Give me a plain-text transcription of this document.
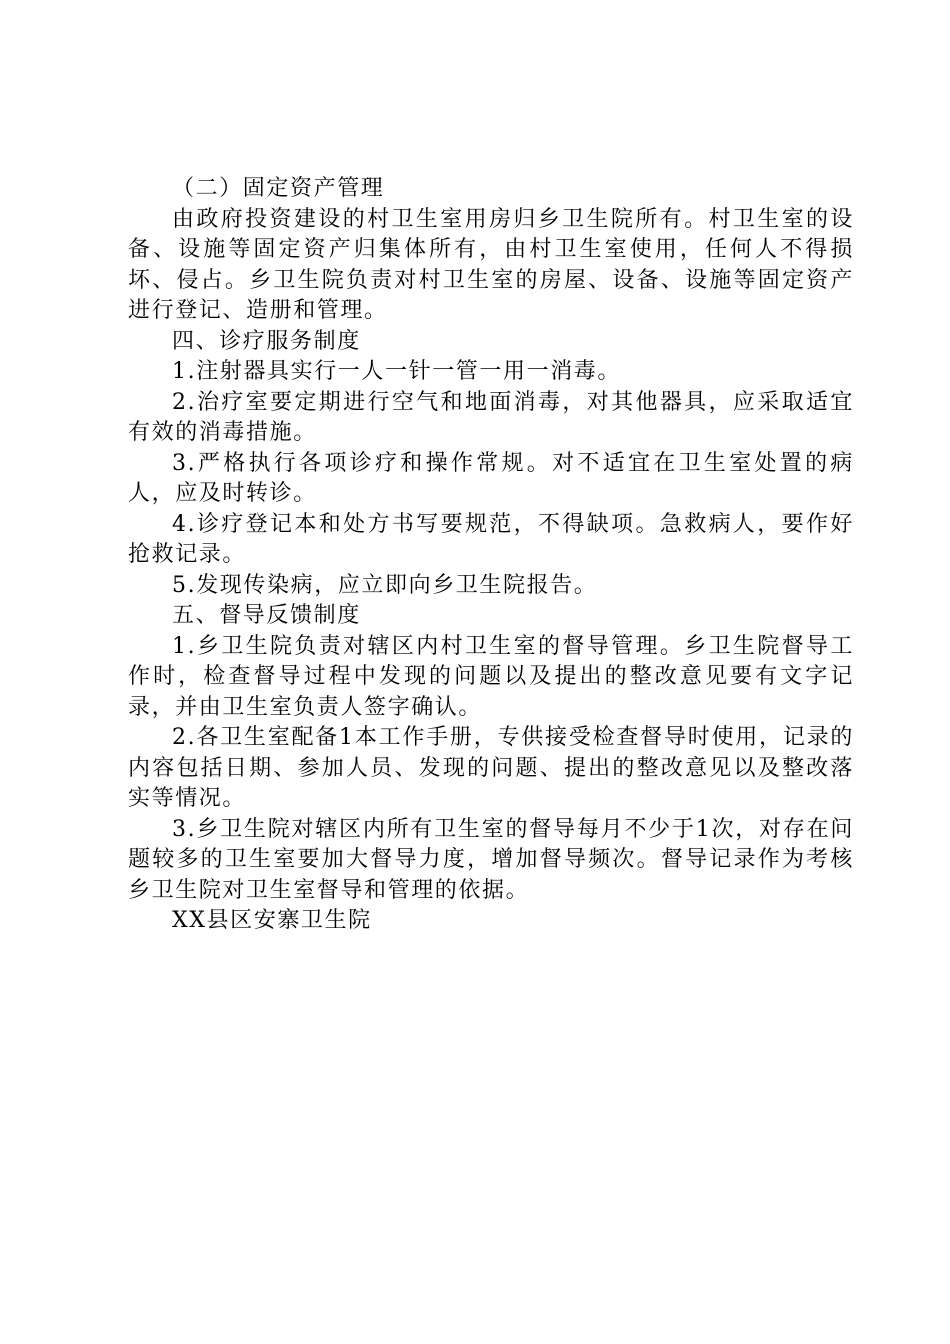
（二）固定资产管理

由政府投资建设的村卫生室用房归乡卫生院所有。村卫生室的设备、设施等固定资产归集体所有，由村卫生室使用，任何人不得损坏、侵占。乡卫生院负责对村卫生室的房屋、设备、设施等固定资产进行登记、造册和管理。

四、诊疗服务制度

1.注射器具实行一人一针一管一用一消毒。

2.治疗室要定期进行空气和地面消毒，对其他器具，应采取适宜有效的消毒措施。

3.严格执行各项诊疗和操作常规。对不适宜在卫生室处置的病人，应及时转诊。

4.诊疗登记本和处方书写要规范，不得缺项。急救病人，要作好抢救记录。

5.发现传染病，应立即向乡卫生院报告。

五、督导反馈制度

1.乡卫生院负责对辖区内村卫生室的督导管理。乡卫生院督导工作时，检查督导过程中发现的问题以及提出的整改意见要有文字记录，并由卫生室负责人签字确认。

2.各卫生室配备1本工作手册，专供接受检查督导时使用，记录的内容包括日期、参加人员、发现的问题、提出的整改意见以及整改落实等情况。

3.乡卫生院对辖区内所有卫生室的督导每月不少于1次，对存在问题较多的卫生室要加大督导力度，增加督导频次。督导记录作为考核乡卫生院对卫生室督导和管理的依据。

XX县区安寨卫生院
